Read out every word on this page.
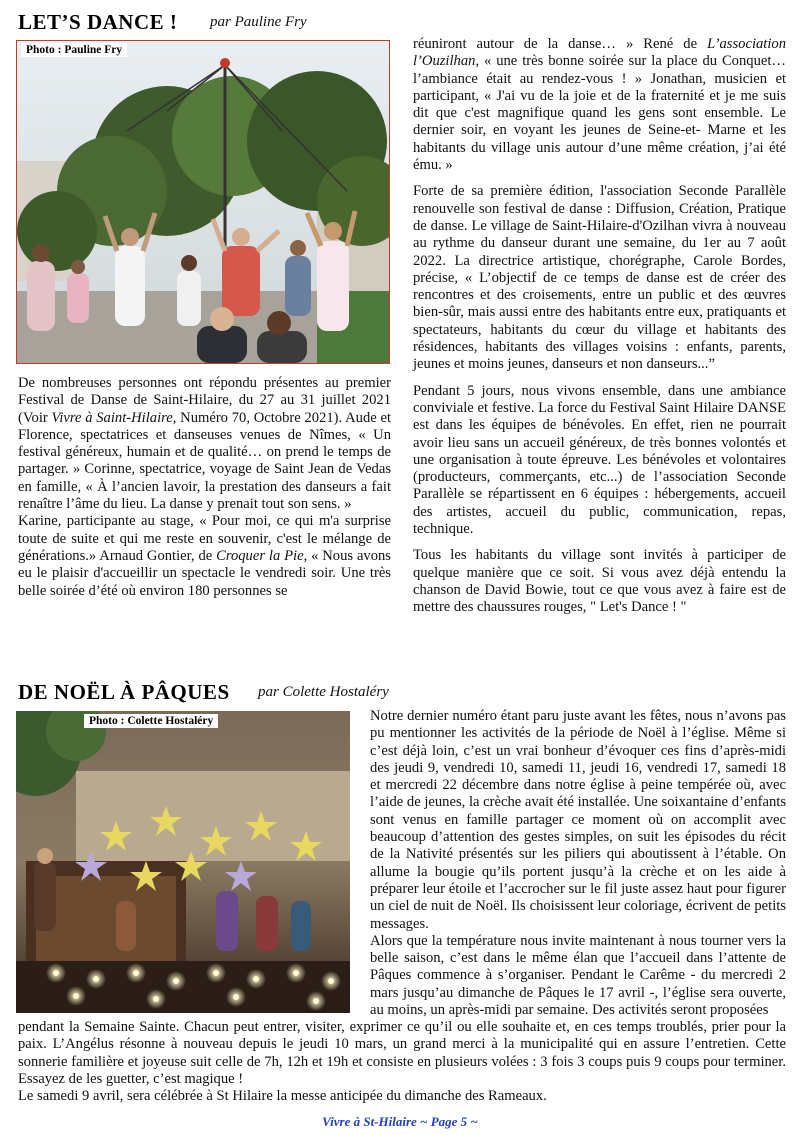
LET’S DANCE ! par Pauline Fry
Photo : Pauline Fry

De nombreuses personnes ont répondu présentes au premier Festival de Danse de Saint-Hilaire, du 27 au 31 juillet 2021 (Voir Vivre à Saint-Hilaire, Numéro 70, Octobre 2021). Aude et Florence, spectatrices et danseuses venues de Nîmes, « Un festival généreux, humain et de qualité… on prend le temps de partager. » Corinne, spectatrice, voyage de Saint Jean de Vedas en famille, « À l’ancien lavoir, la prestation des danseurs a fait renaître l’âme du lieu. La danse y prenait tout son sens. »

Karine, participante au stage, « Pour moi, ce qui m'a surprise toute de suite et qui me reste en souvenir, c'est le mélange de générations.» Arnaud Gontier, de Croquer la Pie, « Nous avons eu le plaisir d'accueillir un spectacle le vendredi soir. Une très belle soirée d’été où environ 180 personnes se

réuniront autour de la danse… » René de L’association l’Ouzilhan, « une très bonne soirée sur la place du Conquet… l’ambiance était au rendez-vous ! » Jonathan, musicien et participant, « J'ai vu de la joie et de la fraternité et je me suis dit que c'est magnifique quand les gens sont ensemble. Le dernier soir, en voyant les jeunes de Seine-et- Marne et les habitants du village unis autour d’une même création, j’ai été ému. »

Forte de sa première édition, l'association Seconde Parallèle renouvelle son festival de danse : Diffusion, Création, Pratique de danse. Le village de Saint-Hilaire-d'Ozilhan vivra à nouveau au rythme du danseur durant une semaine, du 1er au 7 août 2022. La directrice artistique, chorégraphe, Carole Bordes, précise, « L’objectif de ce temps de danse est de créer des rencontres et des croisements, entre un public et des œuvres bien-sûr, mais aussi entre des habitants entre eux, pratiquants et spectateurs, habitants du cœur du village et habitants des résidences, habitants des villages voisins : enfants, parents, jeunes et moins jeunes, danseurs et non danseurs...”

Pendant 5 jours, nous vivons ensemble, dans une ambiance conviviale et festive. La force du Festival Saint Hilaire DANSE est dans les équipes de bénévoles. En effet, rien ne pourrait avoir lieu sans un accueil généreux, de très bonnes volontés et une organisation à toute épreuve. Les bénévoles et volontaires (producteurs, commerçants, etc...) de l’association Seconde Parallèle se répartissent en 6 équipes : hébergements, accueil des artistes, accueil du public, communication, repas, technique.

Tous les habitants du village sont invités à participer de quelque manière que ce soit. Si vous avez déjà entendu la chanson de David Bowie, tout ce que vous avez à faire est de mettre des chaussures rouges, " Let's Dance ! "

DE NOËL À PÂQUES par Colette Hostaléry
Photo : Colette Hostaléry	Notre dernier numéro étant paru juste avant les fêtes, nous n’avons pas pu mentionner les activités de la période de Noël à l’église. Même si c’est déjà loin, c’est un vrai bonheur d’évoquer ces fins d’après-midi des jeudi 9, vendredi 10, samedi 11, jeudi 16, vendredi 17, samedi 18 et mercredi 22 décembre dans notre église à peine tempérée où, avec l’aide de jeunes, la crèche avait été installée. Une soixantaine d’enfants sont venus en famille partager ce moment où on accomplit avec beaucoup d’attention des gestes simples, on suit les épisodes du récit de la Nativité présentés sur les piliers qui aboutissent à l’étable. On allume la bougie qu’ils portent jusqu’à la crèche et on les aide à préparer leur étoile et l’accrocher sur le fil juste assez haut pour figurer un ciel de nuit de Noël. Ils choisissent leur coloriage, écrivent de petits messages.

Alors que la température nous invite maintenant à nous tourner vers la belle saison, c’est dans le même élan que l’accueil dans l’attente de Pâques commence à s’organiser. Pendant le Carême - du mercredi 2 mars jusqu’au dimanche de Pâques le 17 avril -, l’église sera ouverte, au moins, un après-midi par semaine. Des activités seront proposées

pendant la Semaine Sainte. Chacun peut entrer, visiter, exprimer ce qu’il ou elle souhaite et, en ces temps troublés, prier pour la paix. L’Angélus résonne à nouveau depuis le jeudi 10 mars, un grand merci à la municipalité qui en assure l’entretien. Cette sonnerie familière et joyeuse suit celle de 7h, 12h et 19h et consiste en plusieurs volées : 3 fois 3 coups puis 9 coups pour terminer. Essayez de les guetter, c’est magique !

Le samedi 9 avril, sera célébrée à St Hilaire la messe anticipée du dimanche des Rameaux.

Vivre à St-Hilaire ~ Page 5 ~
